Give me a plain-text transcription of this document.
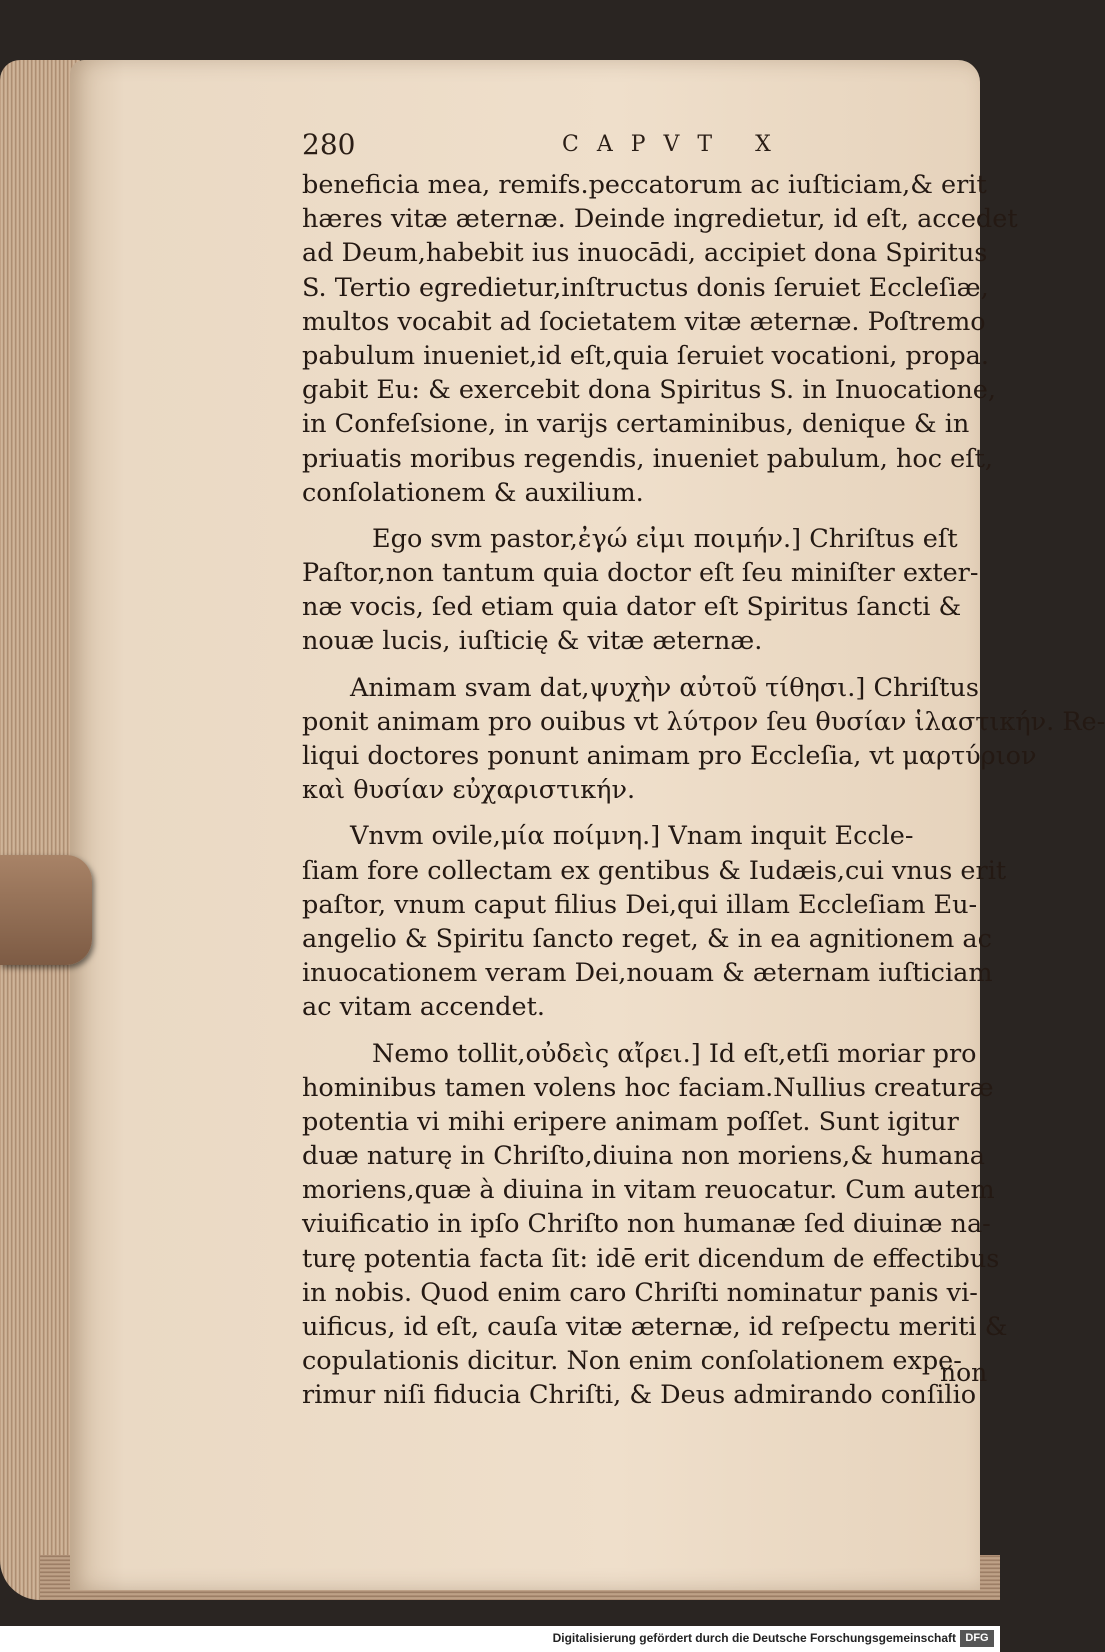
280	CAPVT X
beneficia mea, remifs.peccatorum ac iuſticiam,& erit
hæres vitæ æternæ. Deinde ingredietur, id eſt, accedet
ad Deum,habebit ius inuocādi, accipiet dona Spiritus
S. Tertio egredietur,inſtructus donis ſeruiet Eccleſiæ,
multos vocabit ad ſocietatem vitæ æternæ. Poſtremo
pabulum inueniet,id eſt,quia ſeruiet vocationi, propa.
gabit Eu: & exercebit dona Spiritus S. in Inuocatione,
in Confeſsione, in varijs certaminibus, denique & in
priuatis moribus regendis, inueniet pabulum, hoc eſt,
conſolationem & auxilium.
Ego svm pastor,ἐγώ εἰμι ποιμήν.] Chriſtus eſt
Paſtor,non tantum quia doctor eſt ſeu miniſter exter-
næ vocis, ſed etiam quia dator eſt Spiritus ſancti &
nouæ lucis, iuſticię & vitæ æternæ.
Animam svam dat,ψυχὴν αὐτοῦ τίθησι.] Chriſtus
ponit animam pro ouibus vt λύτρον ſeu θυσίαν ἱλαστικήν. Re-
liqui doctores ponunt animam pro Eccleſia, vt μαρτύριον
καὶ θυσίαν εὐχαριστικήν.
Vnvm ovile,μία ποίμνη.] Vnam inquit Eccle-
ſiam fore collectam ex gentibus & Iudæis,cui vnus erit
paſtor, vnum caput filius Dei,qui illam Eccleſiam Eu-
angelio & Spiritu ſancto reget, & in ea agnitionem ac
inuocationem veram Dei,nouam & æternam iuſticiam
ac vitam accendet.
Nemo tollit,οὐδεὶς αἴρει.] Id eſt,etſi moriar pro
hominibus tamen volens hoc faciam.Nullius creaturæ
potentia vi mihi eripere animam poſſet. Sunt igitur
duæ naturę in Chriſto,diuina non moriens,& humana
moriens,quæ à diuina in vitam reuocatur. Cum autem
viuificatio in ipſo Chriſto non humanæ ſed diuinæ na-
turę potentia facta ſit: idē erit dicendum de effectibus
in nobis. Quod enim caro Chriſti nominatur panis vi-
uificus, id eſt, cauſa vitæ æternæ, id reſpectu meriti &
copulationis dicitur. Non enim conſolationem expe-
rimur niſi fiducia Chriſti, & Deus admirando conſilio
non
Digitalisierung gefördert durch die Deutsche Forschungsgemeinschaft DFG
